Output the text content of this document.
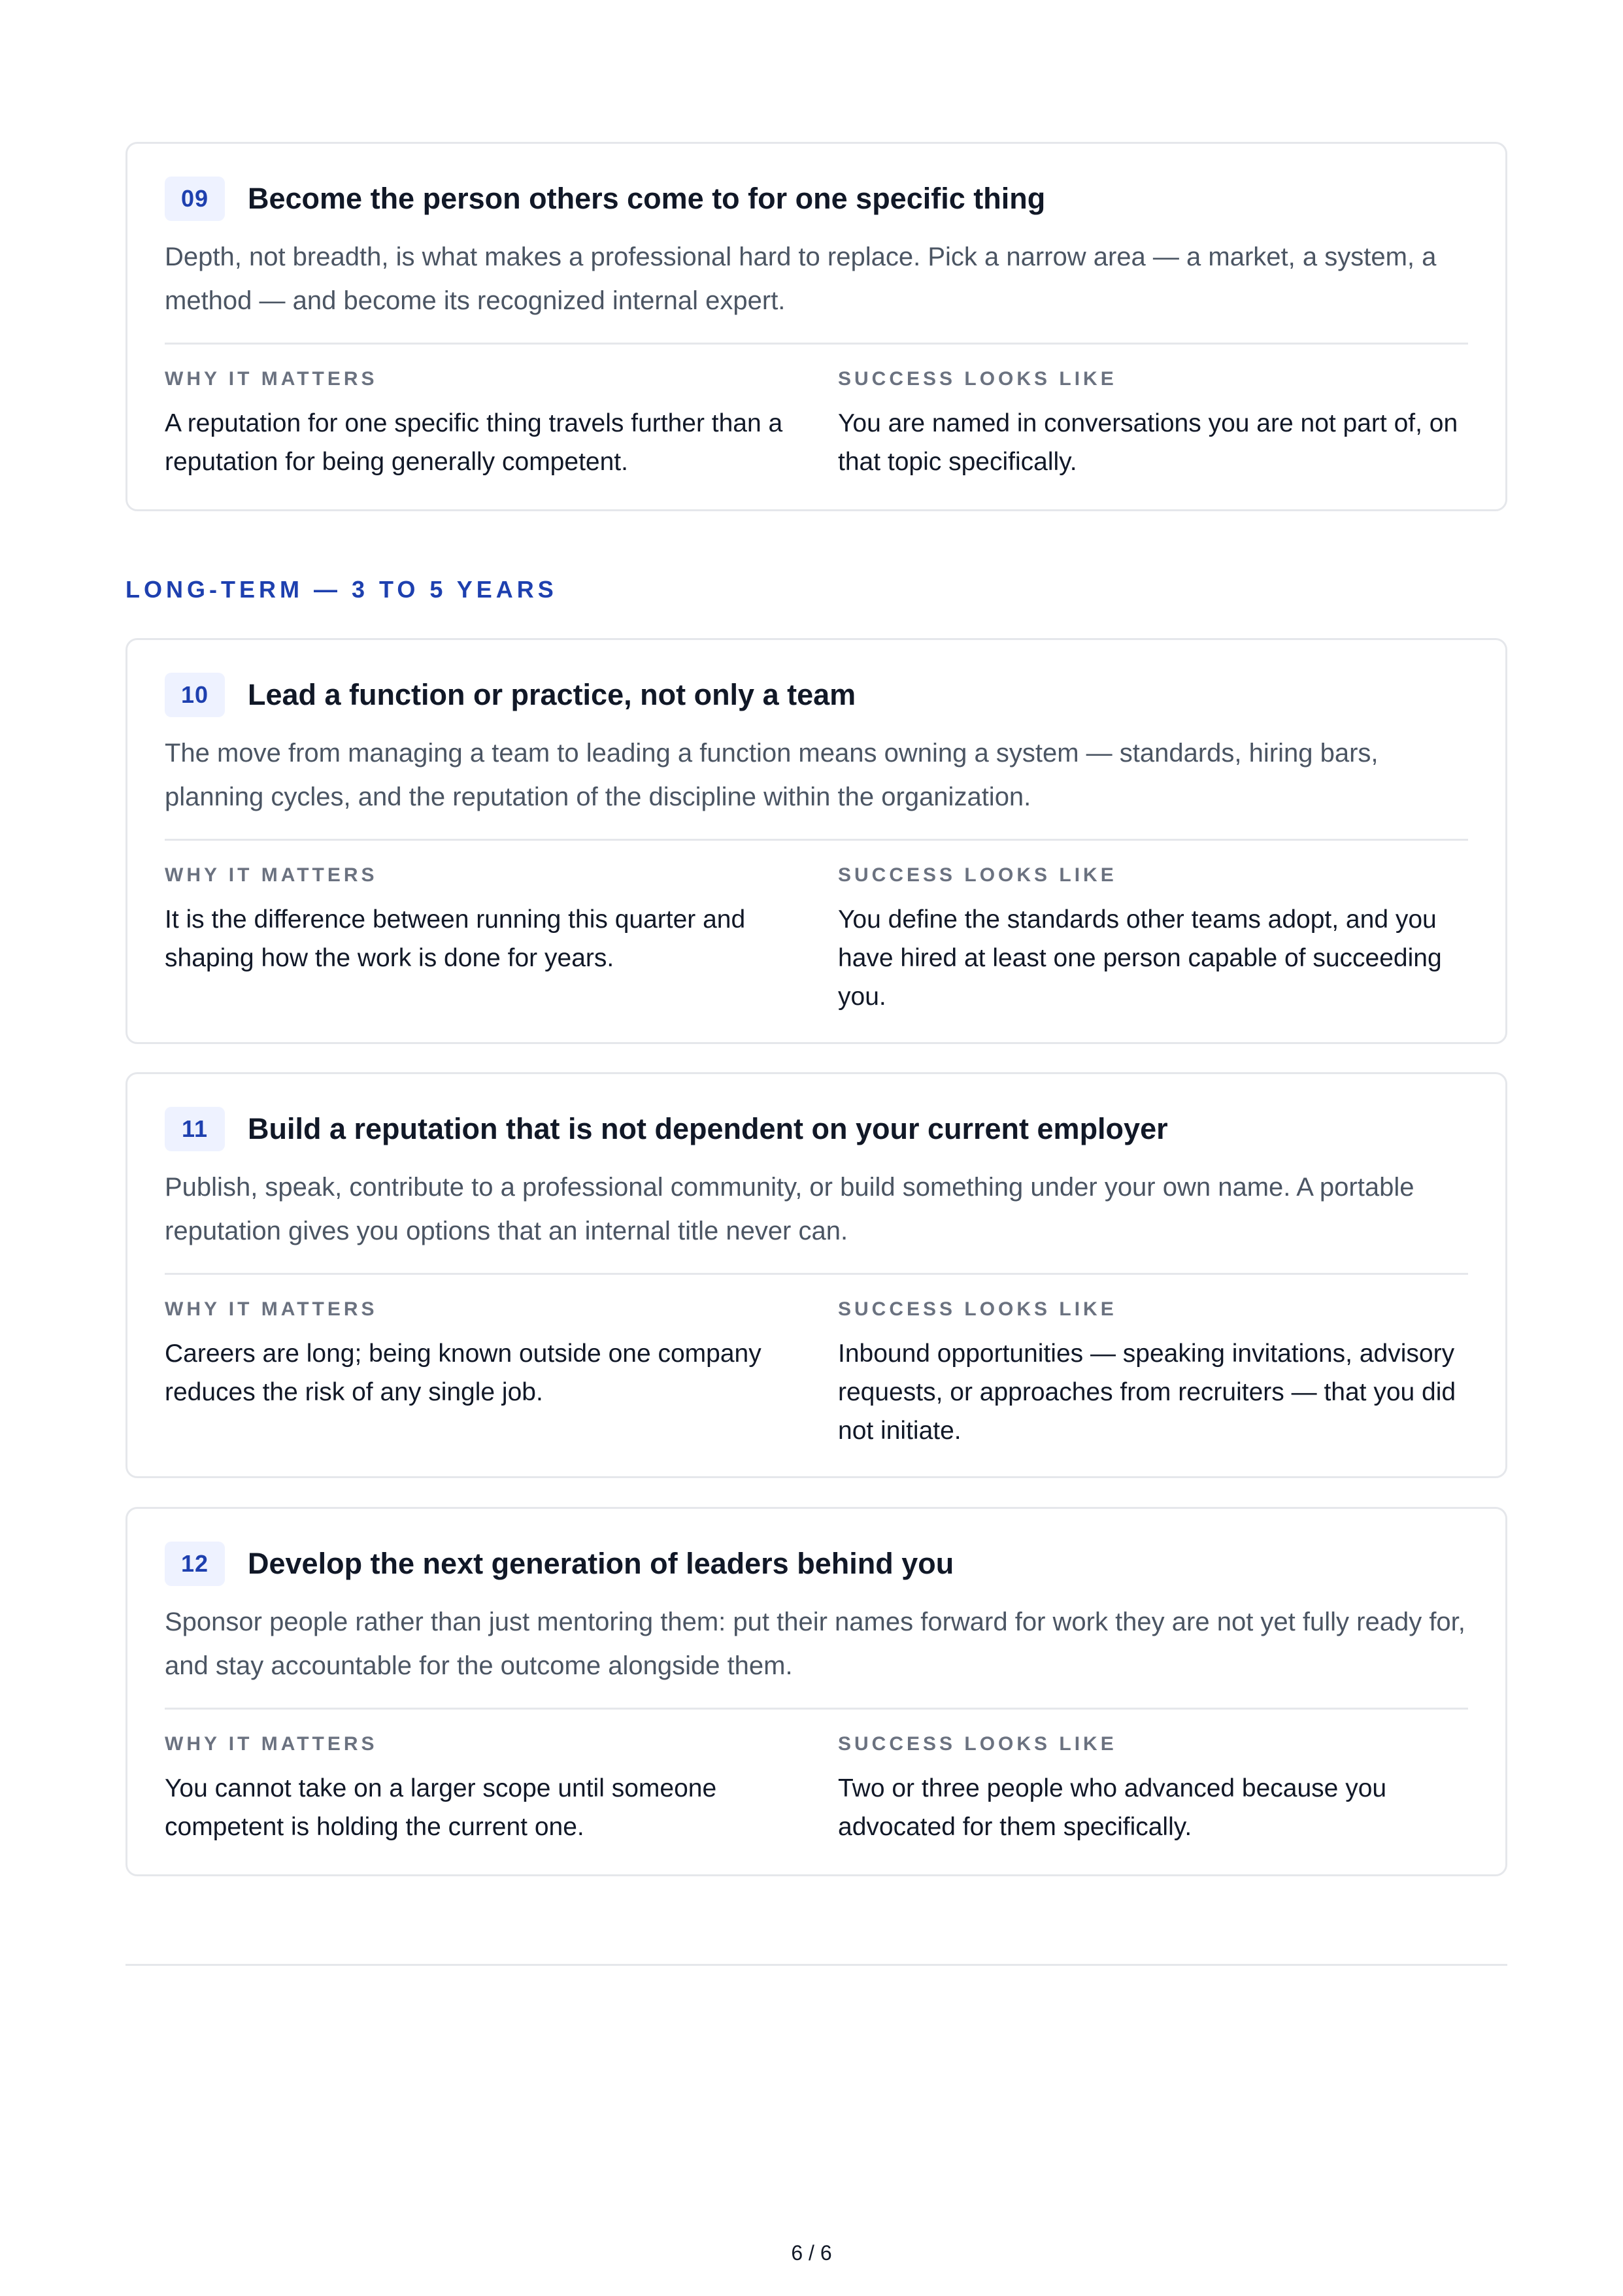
09	Become the person others come to for one specific thing
Depth, not breadth, is what makes a professional hard to replace. Pick a narrow area — a market, a system, a method — and become its recognized internal expert.
WHY IT MATTERS
A reputation for one specific thing travels further than a reputation for being generally competent.
SUCCESS LOOKS LIKE
You are named in conversations you are not part of, on that topic specifically.
LONG-TERM — 3 TO 5 YEARS
10	Lead a function or practice, not only a team
The move from managing a team to leading a function means owning a system — standards, hiring bars, planning cycles, and the reputation of the discipline within the organization.
WHY IT MATTERS
It is the difference between running this quarter and shaping how the work is done for years.
SUCCESS LOOKS LIKE
You define the standards other teams adopt, and you have hired at least one person capable of succeeding you.
11	Build a reputation that is not dependent on your current employer
Publish, speak, contribute to a professional community, or build something under your own name. A portable reputation gives you options that an internal title never can.
WHY IT MATTERS
Careers are long; being known outside one company reduces the risk of any single job.
SUCCESS LOOKS LIKE
Inbound opportunities — speaking invitations, advisory requests, or approaches from recruiters — that you did not initiate.
12	Develop the next generation of leaders behind you
Sponsor people rather than just mentoring them: put their names forward for work they are not yet fully ready for, and stay accountable for the outcome alongside them.
WHY IT MATTERS
You cannot take on a larger scope until someone competent is holding the current one.
SUCCESS LOOKS LIKE
Two or three people who advanced because you advocated for them specifically.
6 / 6
